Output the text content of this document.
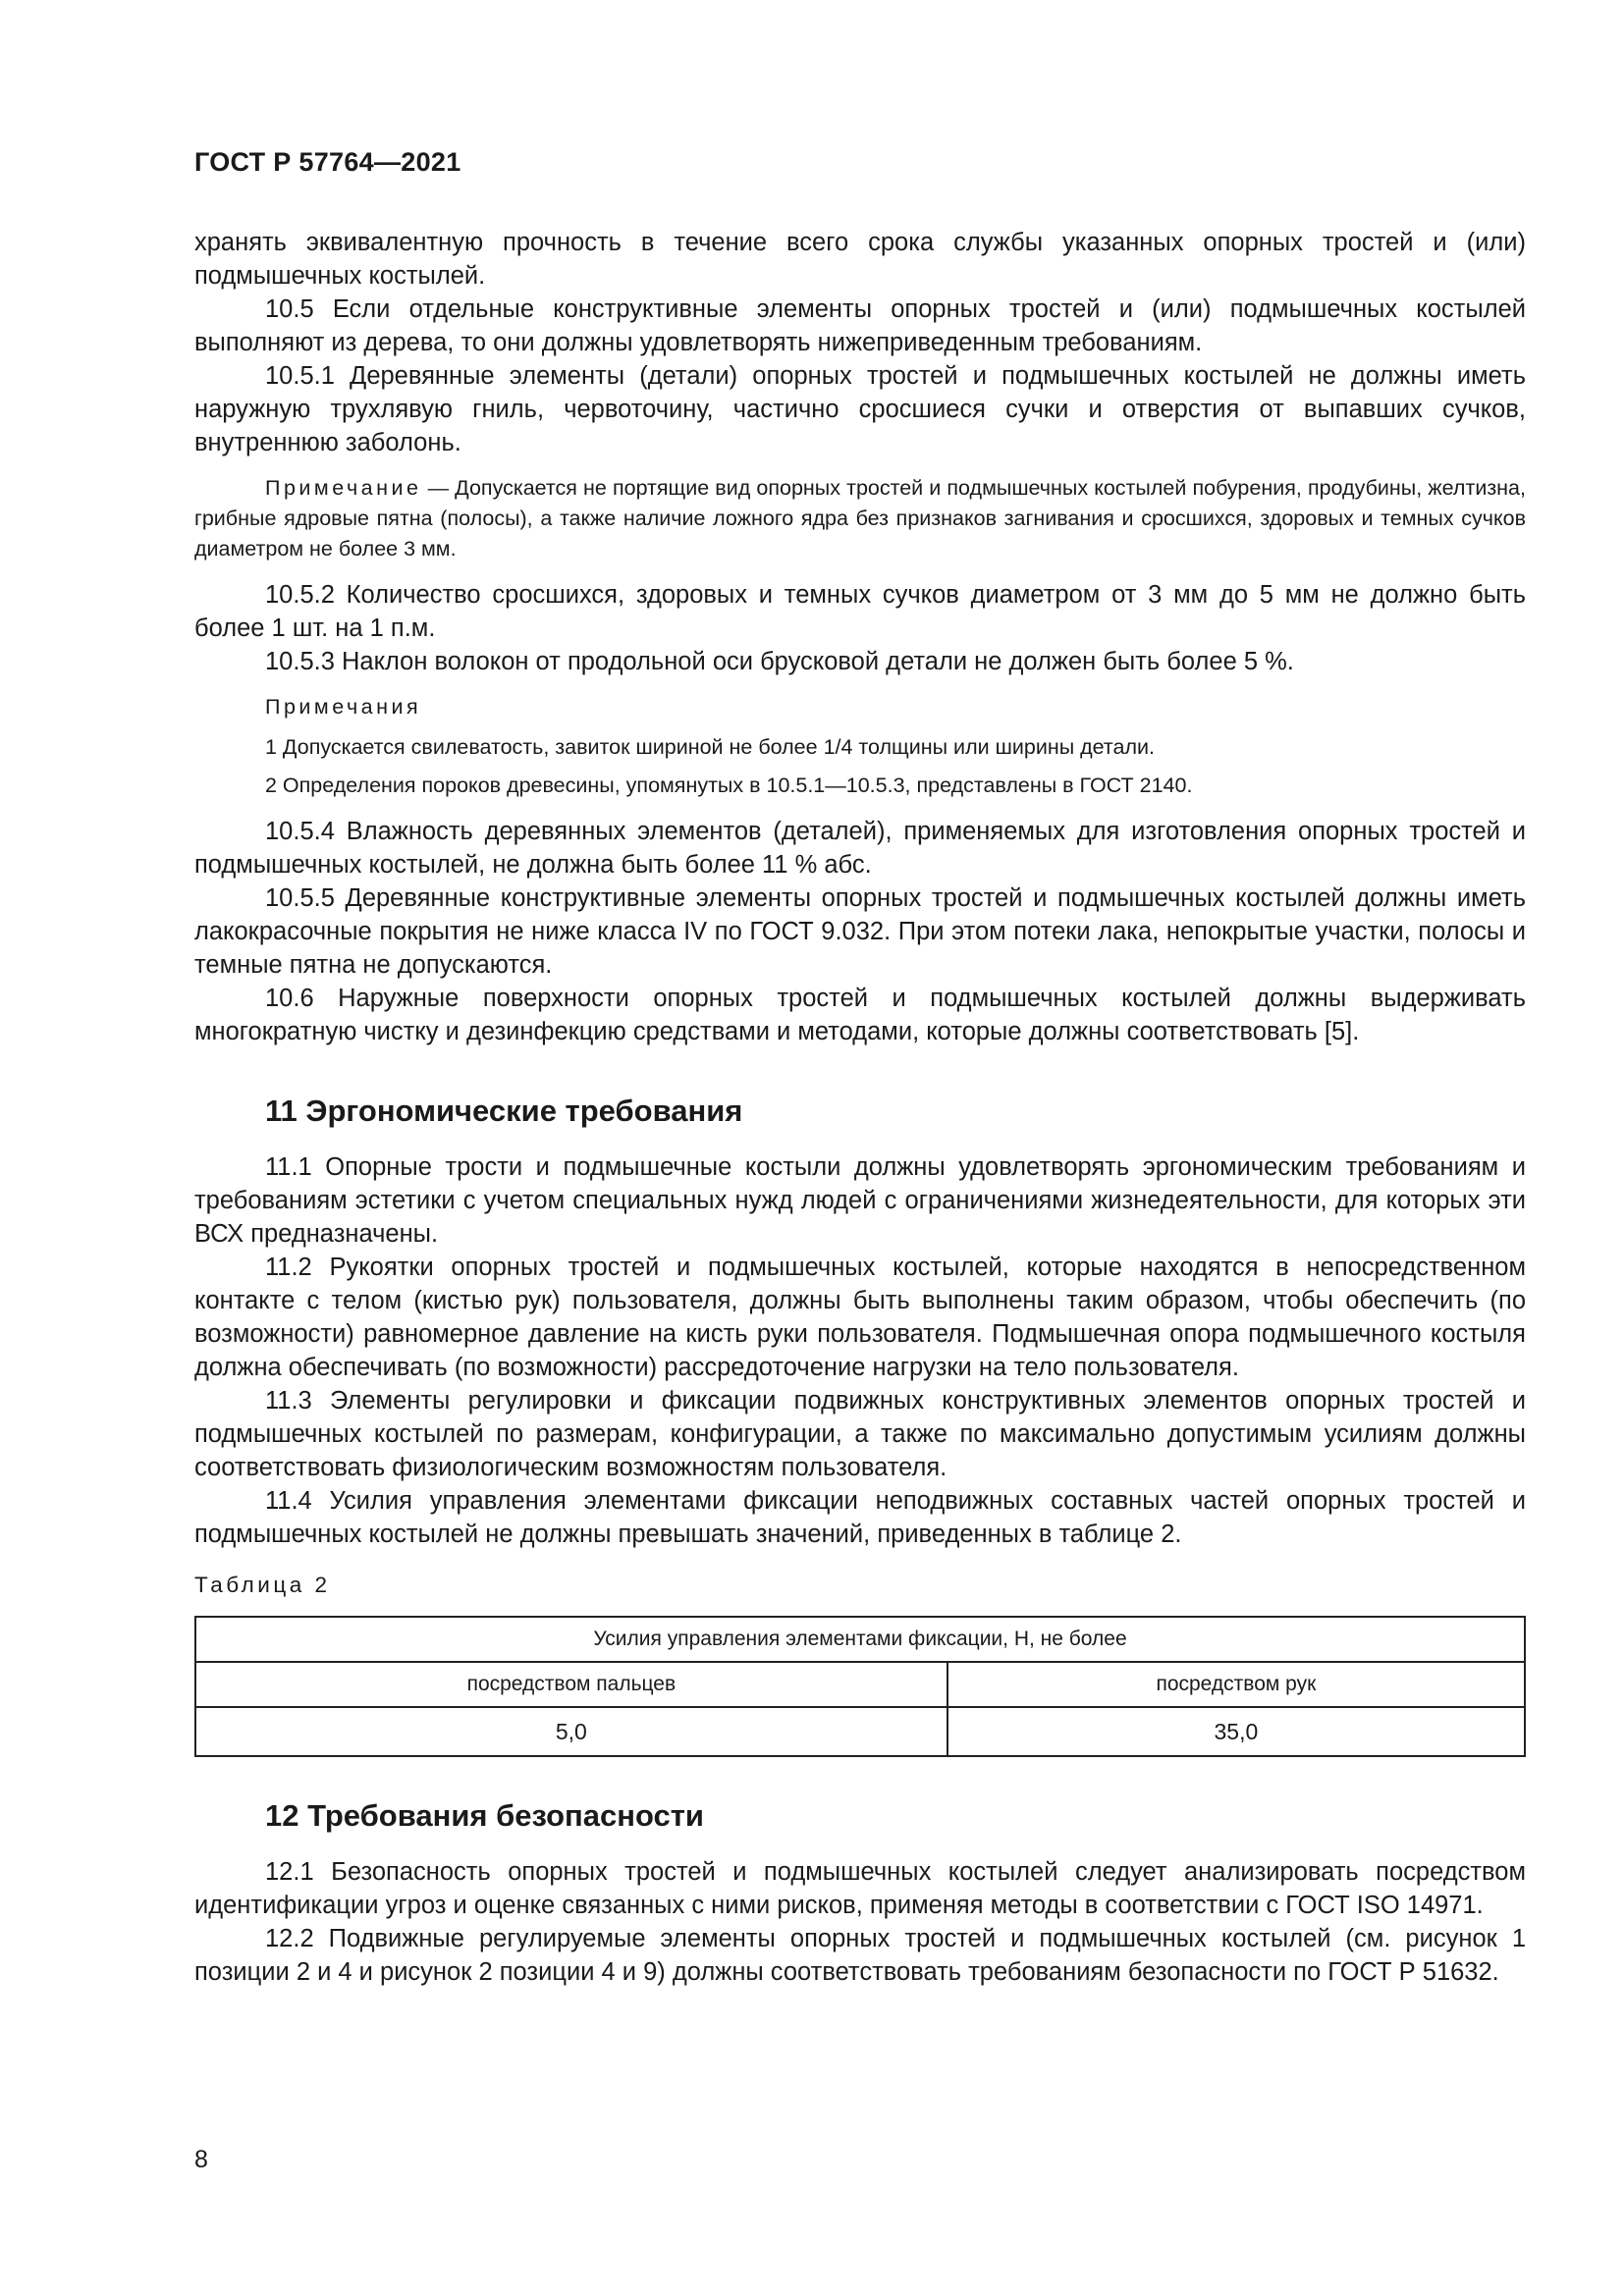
ГОСТ Р 57764—2021

хранять эквивалентную прочность в течение всего срока службы указанных опорных тростей и (или) подмышечных костылей.

10.5 Если отдельные конструктивные элементы опорных тростей и (или) подмышечных костылей выполняют из дерева, то они должны удовлетворять нижеприведенным требованиям.

10.5.1 Деревянные элементы (детали) опорных тростей и подмышечных костылей не должны иметь наружную трухлявую гниль, червоточину, частично сросшиеся сучки и отверстия от выпавших сучков, внутреннюю заболонь.

Примечание — Допускается не портящие вид опорных тростей и подмышечных костылей побурения, продубины, желтизна, грибные ядровые пятна (полосы), а также наличие ложного ядра без признаков загнивания и сросшихся, здоровых и темных сучков диаметром не более 3 мм.

10.5.2 Количество сросшихся, здоровых и темных сучков диаметром от 3 мм до 5 мм не должно быть более 1 шт. на 1 п.м.

10.5.3 Наклон волокон от продольной оси брусковой детали не должен быть более 5 %.

Примечания
1 Допускается свилеватость, завиток шириной не более 1/4 толщины или ширины детали.
2 Определения пороков древесины, упомянутых в 10.5.1—10.5.3, представлены в ГОСТ 2140.

10.5.4 Влажность деревянных элементов (деталей), применяемых для изготовления опорных тростей и подмышечных костылей, не должна быть более 11 % абс.

10.5.5 Деревянные конструктивные элементы опорных тростей и подмышечных костылей должны иметь лакокрасочные покрытия не ниже класса IV по ГОСТ 9.032. При этом потеки лака, непокрытые участки, полосы и темные пятна не допускаются.

10.6 Наружные поверхности опорных тростей и подмышечных костылей должны выдерживать многократную чистку и дезинфекцию средствами и методами, которые должны соответствовать [5].

11 Эргономические требования

11.1 Опорные трости и подмышечные костыли должны удовлетворять эргономическим требованиям и требованиям эстетики с учетом специальных нужд людей с ограничениями жизнедеятельности, для которых эти ВСХ предназначены.

11.2 Рукоятки опорных тростей и подмышечных костылей, которые находятся в непосредственном контакте с телом (кистью рук) пользователя, должны быть выполнены таким образом, чтобы обеспечить (по возможности) равномерное давление на кисть руки пользователя. Подмышечная опора подмышечного костыля должна обеспечивать (по возможности) рассредоточение нагрузки на тело пользователя.

11.3 Элементы регулировки и фиксации подвижных конструктивных элементов опорных тростей и подмышечных костылей по размерам, конфигурации, а также по максимально допустимым усилиям должны соответствовать физиологическим возможностям пользователя.

11.4 Усилия управления элементами фиксации неподвижных составных частей опорных тростей и подмышечных костылей не должны превышать значений, приведенных в таблице 2.

Таблица 2
Усилия управления элементами фиксации, Н, не более	
посредством пальцев	посредством рук
5,0	35,0
12 Требования безопасности

12.1 Безопасность опорных тростей и подмышечных костылей следует анализировать посредством идентификации угроз и оценке связанных с ними рисков, применяя методы в соответствии с ГОСТ ISO 14971.

12.2 Подвижные регулируемые элементы опорных тростей и подмышечных костылей (см. рисунок 1 позиции 2 и 4 и рисунок 2 позиции 4 и 9) должны соответствовать требованиям безопасности по ГОСТ Р 51632.

8
